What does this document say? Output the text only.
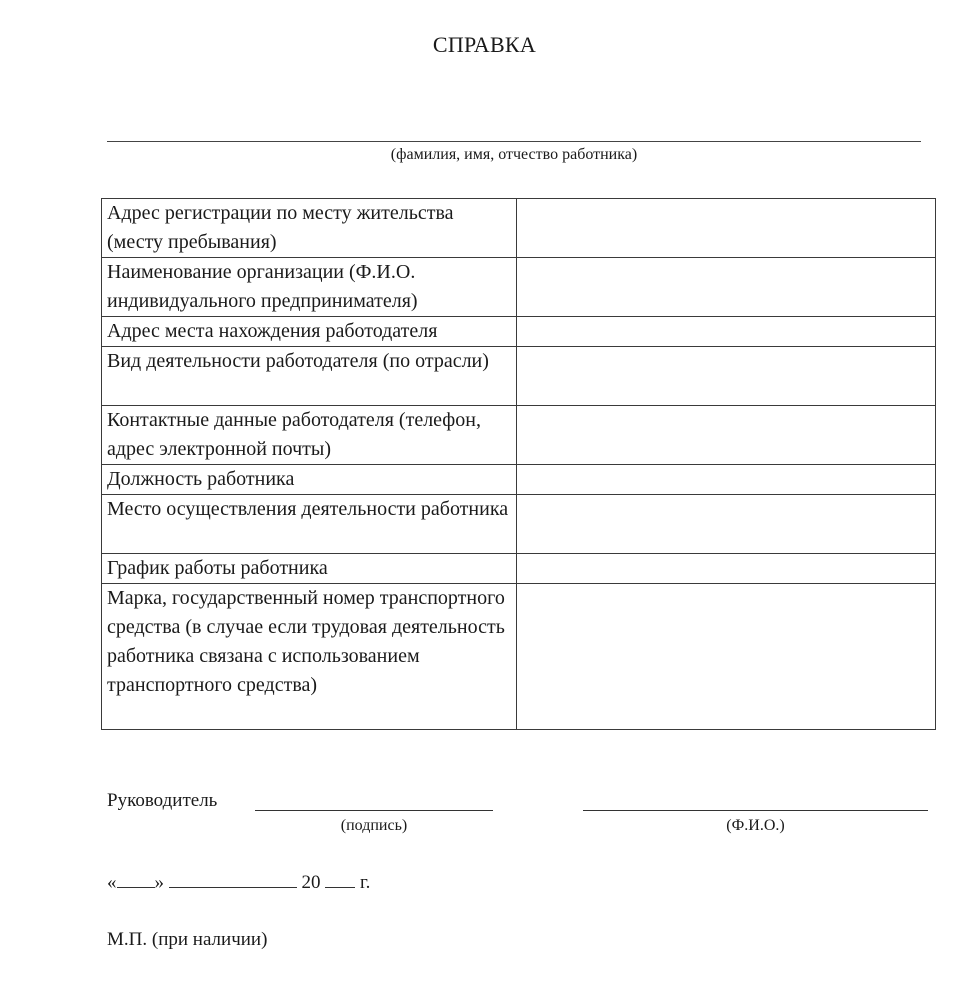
СПРАВКА
(фамилия, имя, отчество работника)
Адрес регистрации по месту жительства (месту пребывания)	
Наименование организации (Ф.И.О. индивидуального предпринимателя)	
Адрес места нахождения работодателя	
Вид деятельности работодателя (по отрасли)	
Контактные данные работодателя (телефон, адрес электронной почты)	
Должность работника	
Место осуществления деятельности работника	
График работы работника	
Марка, государственный номер транспортного средства (в случае если трудовая деятельность работника связана с использованием транспортного средства)	
Руководитель
(подпись)	(Ф.И.О.)
« »	20 г.
М.П. (при наличии)
